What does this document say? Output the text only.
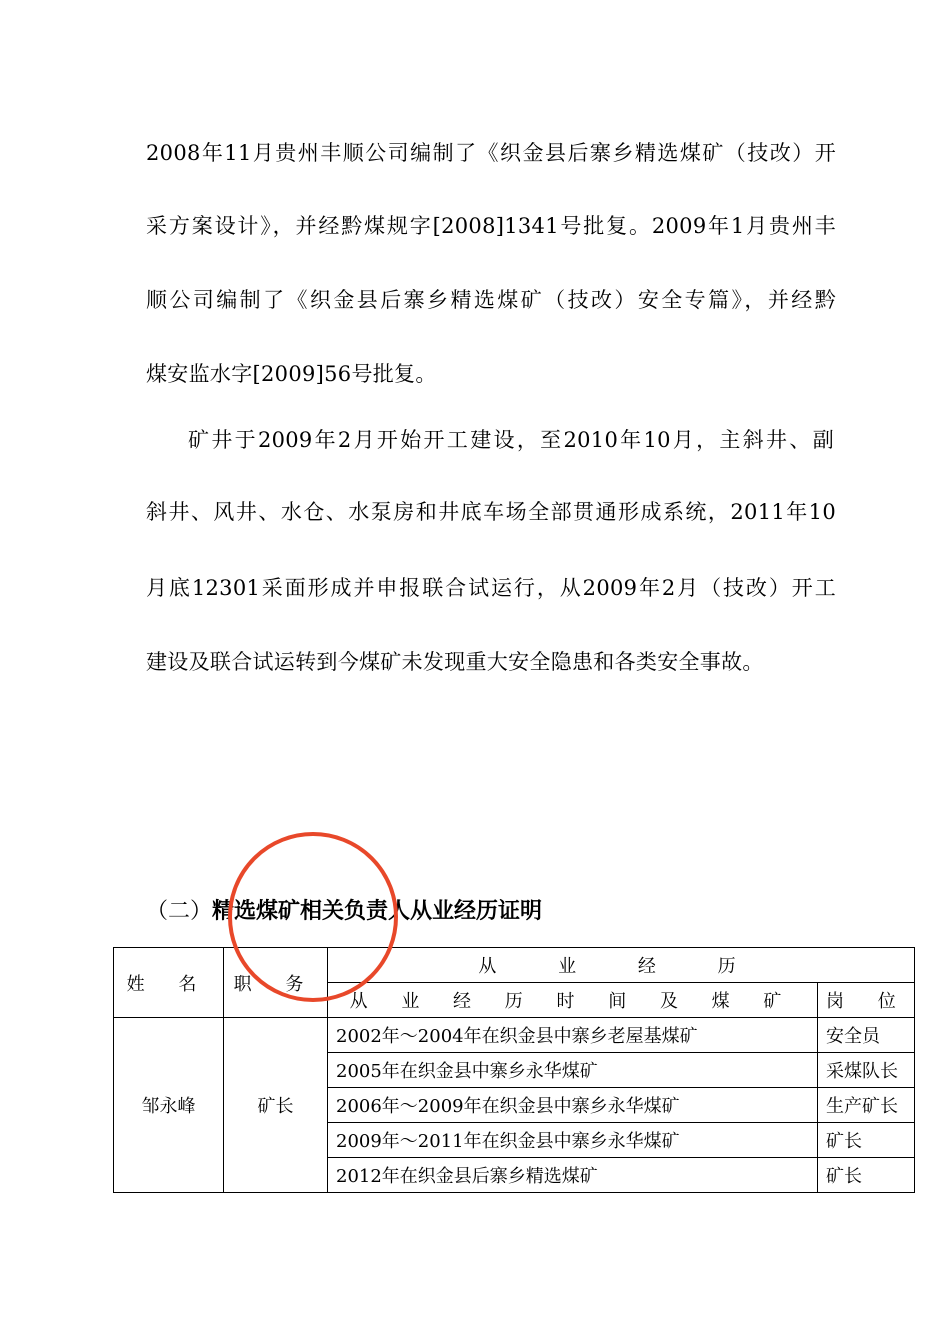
2008年11月贵州丰顺公司编制了《织金县后寨乡精选煤矿（技改）开
采方案设计》，并经黔煤规字[2008]1341号批复。2009年1月贵州丰
顺公司编制了《织金县后寨乡精选煤矿（技改）安全专篇》，并经黔
煤安监水字[2009]56号批复。
矿井于2009年2月开始开工建设，至2010年10月，主斜井、副
斜井、风井、水仓、水泵房和井底车场全部贯通形成系统，2011年10
月底12301采面形成并申报联合试运行，从2009年2月（技改）开工
建设及联合试运转到今煤矿未发现重大安全隐患和各类安全事故。
（二）精选煤矿相关负责人从业经历证明
姓 名	职 务	从 业 经 历	
		从 业 经 历 时 间 及 煤 矿	岗 位
邹永峰	矿长	2002年～2004年在织金县中寨乡老屋基煤矿	安全员
		2005年在织金县中寨乡永华煤矿	采煤队长
		2006年～2009年在织金县中寨乡永华煤矿	生产矿长
		2009年～2011年在织金县中寨乡永华煤矿	矿长
		2012年在织金县后寨乡精选煤矿	矿长
